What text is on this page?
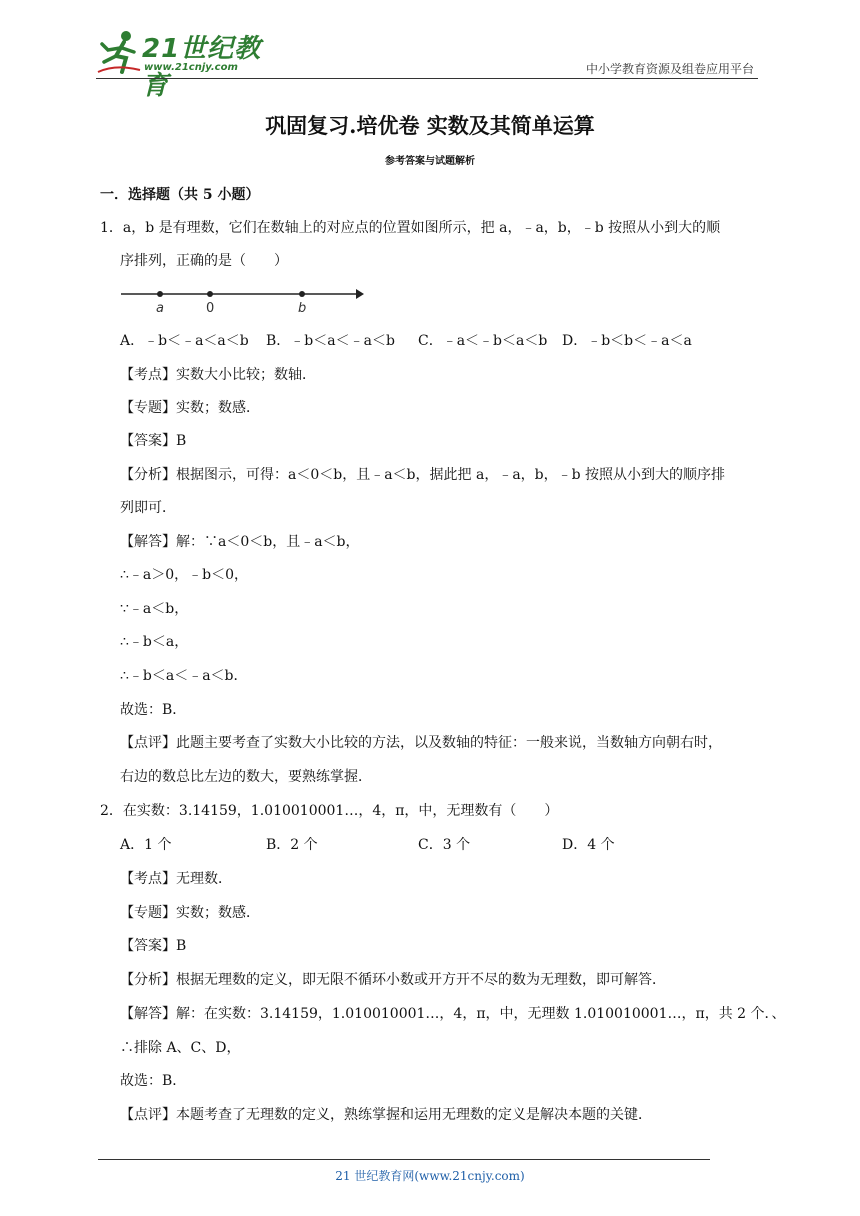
21世纪教育
www.21cnjy.com	中小学教育资源及组卷应用平台
巩固复习.培优卷 实数及其简单运算
参考答案与试题解析
一．选择题（共 5 小题）
1．a，b 是有理数，它们在数轴上的对应点的位置如图所示，把 a，﹣a，b，﹣b 按照从小到大的顺
序排列，正确的是（　　）
a	0	b
A．﹣b＜﹣a＜a＜b B．﹣b＜a＜﹣a＜b C．﹣a＜﹣b＜a＜b D．﹣b＜b＜﹣a＜a
【考点】实数大小比较；数轴．
【专题】实数；数感．
【答案】B
【分析】根据图示，可得：a＜0＜b，且﹣a＜b，据此把 a，﹣a，b，﹣b 按照从小到大的顺序排
列即可．
【解答】解：∵a＜0＜b，且﹣a＜b，
∴﹣a＞0，﹣b＜0，
∵﹣a＜b，
∴﹣b＜a，
∴﹣b＜a＜﹣a＜b．
故选：B．
【点评】此题主要考查了实数大小比较的方法，以及数轴的特征：一般来说，当数轴方向朝右时，
右边的数总比左边的数大，要熟练掌握．
2．在实数：3.14159，1.010010001…，4，π，中，无理数有（　　）
A．1 个	B．2 个	C．3 个	D．4 个
【考点】无理数．
【专题】实数；数感．
【答案】B
【分析】根据无理数的定义，即无限不循环小数或开方开不尽的数为无理数，即可解答．
【解答】解：在实数：3.14159，1.010010001…，4，π，中，无理数 1.010010001…，π，共 2 个．、
∴排除 A、C、D，
故选：B．
【点评】本题考查了无理数的定义，熟练掌握和运用无理数的定义是解决本题的关键．
21 世纪教育网(www.21cnjy.com)
